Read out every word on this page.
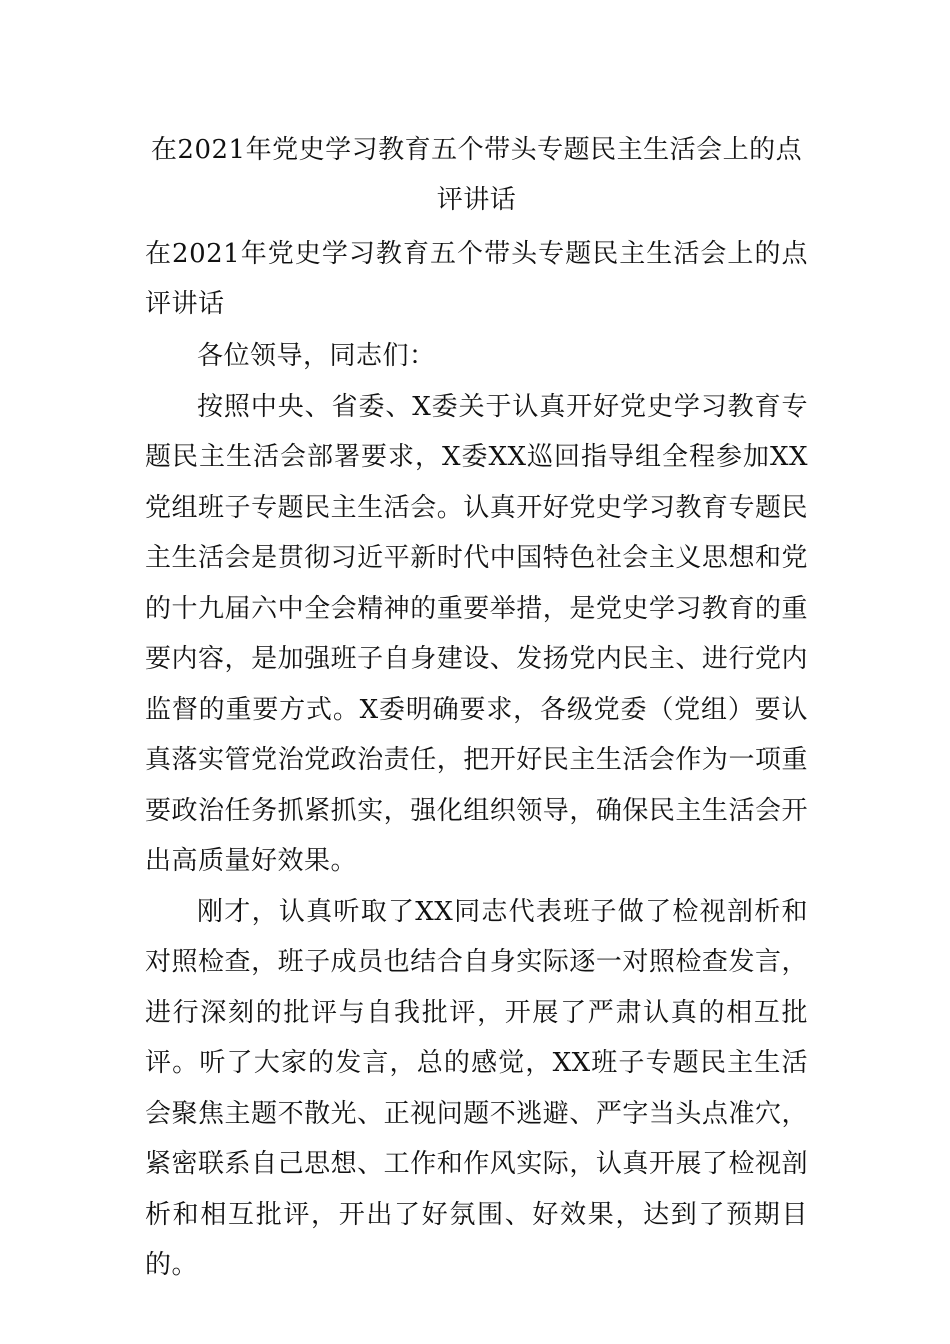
在2021年党史学习教育五个带头专题民主生活会上的点评讲话

在2021年党史学习教育五个带头专题民主生活会上的点评讲话

各位领导，同志们：

按照中央、省委、X委关于认真开好党史学习教育专题民主生活会部署要求，X委XX巡回指导组全程参加XX党组班子专题民主生活会。认真开好党史学习教育专题民主生活会是贯彻习近平新时代中国特色社会主义思想和党的十九届六中全会精神的重要举措，是党史学习教育的重要内容，是加强班子自身建设、发扬党内民主、进行党内监督的重要方式。X委明确要求，各级党委（党组）要认真落实管党治党政治责任，把开好民主生活会作为一项重要政治任务抓紧抓实，强化组织领导，确保民主生活会开出高质量好效果。

刚才，认真听取了XX同志代表班子做了检视剖析和对照检查，班子成员也结合自身实际逐一对照检查发言，进行深刻的批评与自我批评，开展了严肃认真的相互批评。听了大家的发言，总的感觉，XX班子专题民主生活会聚焦主题不散光、正视问题不逃避、严字当头点准穴，紧密联系自己思想、工作和作风实际，认真开展了检视剖析和相互批评，开出了好氛围、好效果，达到了预期目的。
